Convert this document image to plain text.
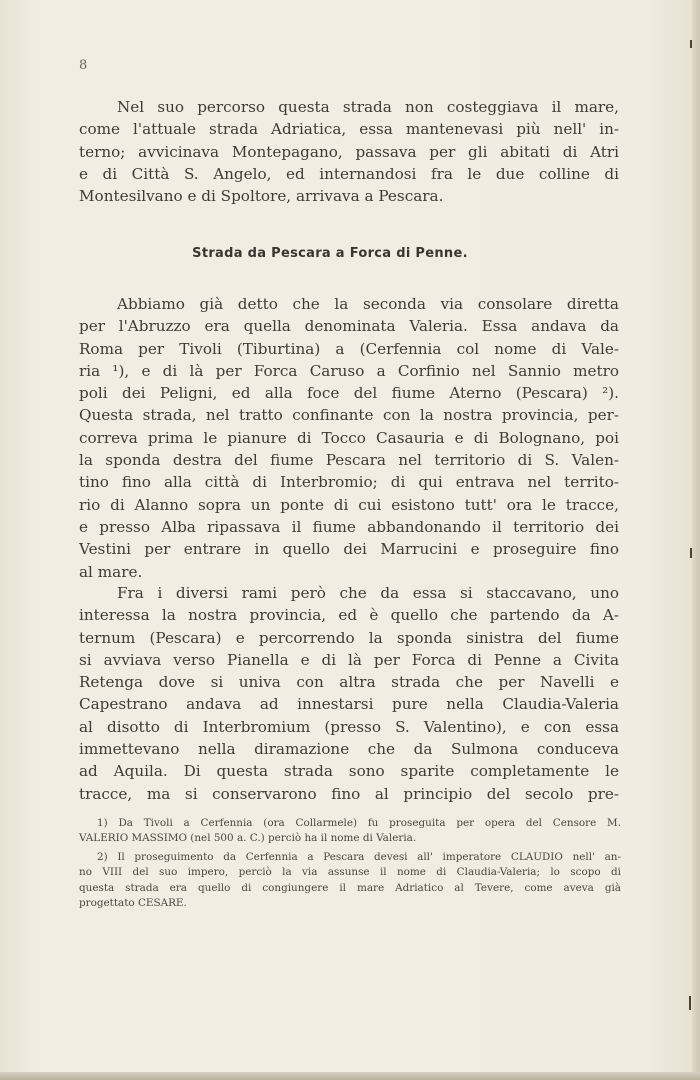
8
Nel suo percorso questa strada non costeggiava il mare,
come l'attuale strada Adriatica, essa mantenevasi più nell' in-
terno; avvicinava Montepagano, passava per gli abitati di Atri
e di Città S. Angelo, ed internandosi fra le due colline di
Montesilvano e di Spoltore, arrivava a Pescara.
Strada da Pescara a Forca di Penne.
Abbiamo già detto che la seconda via consolare diretta
per l'Abruzzo era quella denominata Valeria. Essa andava da
Roma per Tivoli (Tiburtina) a (Cerfennia col nome di Vale-
ria ¹), e di là per Forca Caruso a Corfinio nel Sannio metro
poli dei Peligni, ed alla foce del fiume Aterno (Pescara) ²).
Questa strada, nel tratto confinante con la nostra provincia, per-
correva prima le pianure di Tocco Casauria e di Bolognano, poi
la sponda destra del fiume Pescara nel territorio di S. Valen-
tino fino alla città di Interbromio; di qui entrava nel territo-
rio di Alanno sopra un ponte di cui esistono tutt' ora le tracce,
e presso Alba ripassava il fiume abbandonando il territorio dei
Vestini per entrare in quello dei Marrucini e proseguire fino
al mare.
Fra i diversi rami però che da essa si staccavano, uno
interessa la nostra provincia, ed è quello che partendo da A-
ternum (Pescara) e percorrendo la sponda sinistra del fiume
si avviava verso Pianella e di là per Forca di Penne a Civita
Retenga dove si univa con altra strada che per Navelli e
Capestrano andava ad innestarsi pure nella Claudia-Valeria
al disotto di Interbromium (presso S. Valentino), e con essa
immettevano nella diramazione che da Sulmona conduceva
ad Aquila. Di questa strada sono sparite completamente le
tracce, ma si conservarono fino al principio del secolo pre-

1) Da Tivoli a Cerfennia (ora Collarmele) fu proseguita per opera del Censore M.
VALERIO MASSIMO (nel 500 a. C.) perciò ha il nome di Valeria.

2) Il proseguimento da Cerfennia a Pescara devesi all' imperatore CLAUDIO nell' an-
no VIII del suo impero, perciò la via assunse il nome di Claudia-Valeria; lo scopo di
questa strada era quello di congiungere il mare Adriatico al Tevere, come aveva già
progettato CESARE.
